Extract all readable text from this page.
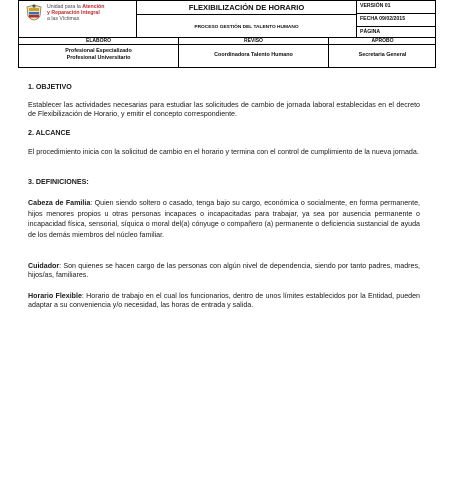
Unidad para la Atención
y Reparación Integral
a las Víctimas
FLEXIBILIZACIÓN DE HORARIO
PROCESO GESTIÓN DEL TALENTO HUMANO
VERSIÓN 01
FECHA 09/02/2015
PÁGINA
ELABORÓ	REVISÓ	APROBÓ
Profesional Especializado
Profesional Universitario	Coordinadora Talento Humano	Secretaria General
1. OBJETIVO
Establecer las actividades necesarias para estudiar las solicitudes de cambio de jornada laboral establecidas en el decreto de Flexibilización de Horario, y emitir el concepto correspondiente.
2. ALCANCE
El procedimiento inicia con la solicitud de cambio en el horario y termina con el control de cumplimiento de la nueva jornada.
3. DEFINICIONES:
Cabeza de Familia: Quien siendo soltero o casado, tenga bajo su cargo, económica o socialmente, en forma permanente, hijos menores propios u otras personas incapaces o incapacitadas para trabajar, ya sea por ausencia permanente o incapacidad física, sensorial, síquica o moral del(a) cónyuge o compañero (a) permanente o deficiencia sustancial de ayuda de los demás miembros del núcleo familiar.
Cuidador: Son quienes se hacen cargo de las personas con algún nivel de dependencia, siendo por tanto padres, madres, hijos/as, familiares.
Horario Flexible: Horario de trabajo en el cual los funcionarios, dentro de unos límites establecidos por la Entidad, pueden adaptar a su conveniencia y/o necesidad, las horas de entrada y salida.
